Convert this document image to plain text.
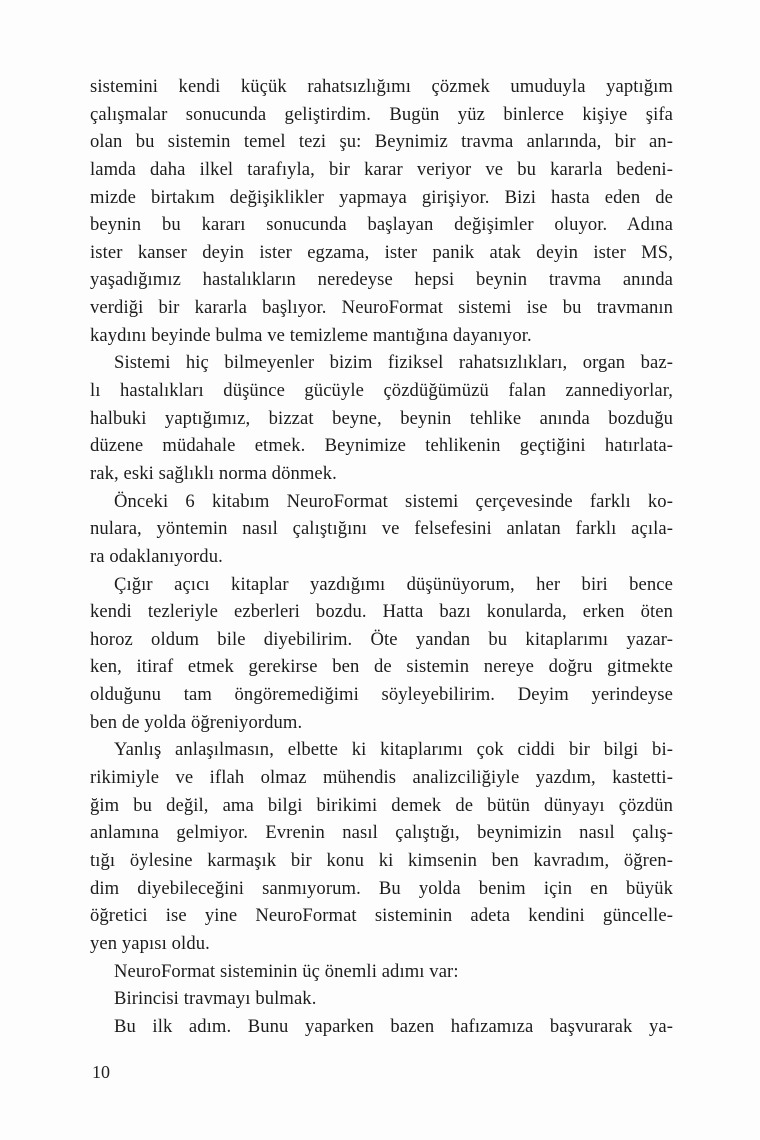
sistemini kendi küçük rahatsızlığımı çözmek umuduyla yaptığım
çalışmalar sonucunda geliştirdim. Bugün yüz binlerce kişiye şifa
olan bu sistemin temel tezi şu: Beynimiz travma anlarında, bir an-
lamda daha ilkel tarafıyla, bir karar veriyor ve bu kararla bedeni-
mizde birtakım değişiklikler yapmaya girişiyor. Bizi hasta eden de
beynin bu kararı sonucunda başlayan değişimler oluyor. Adına
ister kanser deyin ister egzama, ister panik atak deyin ister MS,
yaşadığımız hastalıkların neredeyse hepsi beynin travma anında
verdiği bir kararla başlıyor. NeuroFormat sistemi ise bu travmanın
kaydını beyinde bulma ve temizleme mantığına dayanıyor.
Sistemi hiç bilmeyenler bizim fiziksel rahatsızlıkları, organ baz-
lı hastalıkları düşünce gücüyle çözdüğümüzü falan zannediyorlar,
halbuki yaptığımız, bizzat beyne, beynin tehlike anında bozduğu
düzene müdahale etmek. Beynimize tehlikenin geçtiğini hatırlata-
rak, eski sağlıklı norma dönmek.
Önceki 6 kitabım NeuroFormat sistemi çerçevesinde farklı ko-
nulara, yöntemin nasıl çalıştığını ve felsefesini anlatan farklı açıla-
ra odaklanıyordu.
Çığır açıcı kitaplar yazdığımı düşünüyorum, her biri bence
kendi tezleriyle ezberleri bozdu. Hatta bazı konularda, erken öten
horoz oldum bile diyebilirim. Öte yandan bu kitaplarımı yazar-
ken, itiraf etmek gerekirse ben de sistemin nereye doğru gitmekte
olduğunu tam öngöremediğimi söyleyebilirim. Deyim yerindeyse
ben de yolda öğreniyordum.
Yanlış anlaşılmasın, elbette ki kitaplarımı çok ciddi bir bilgi bi-
rikimiyle ve iflah olmaz mühendis analizciliğiyle yazdım, kastetti-
ğim bu değil, ama bilgi birikimi demek de bütün dünyayı çözdün
anlamına gelmiyor. Evrenin nasıl çalıştığı, beynimizin nasıl çalış-
tığı öylesine karmaşık bir konu ki kimsenin ben kavradım, öğren-
dim diyebileceğini sanmıyorum. Bu yolda benim için en büyük
öğretici ise yine NeuroFormat sisteminin adeta kendini güncelle-
yen yapısı oldu.
NeuroFormat sisteminin üç önemli adımı var:
Birincisi travmayı bulmak.
Bu ilk adım. Bunu yaparken bazen hafızamıza başvurarak ya-
10
